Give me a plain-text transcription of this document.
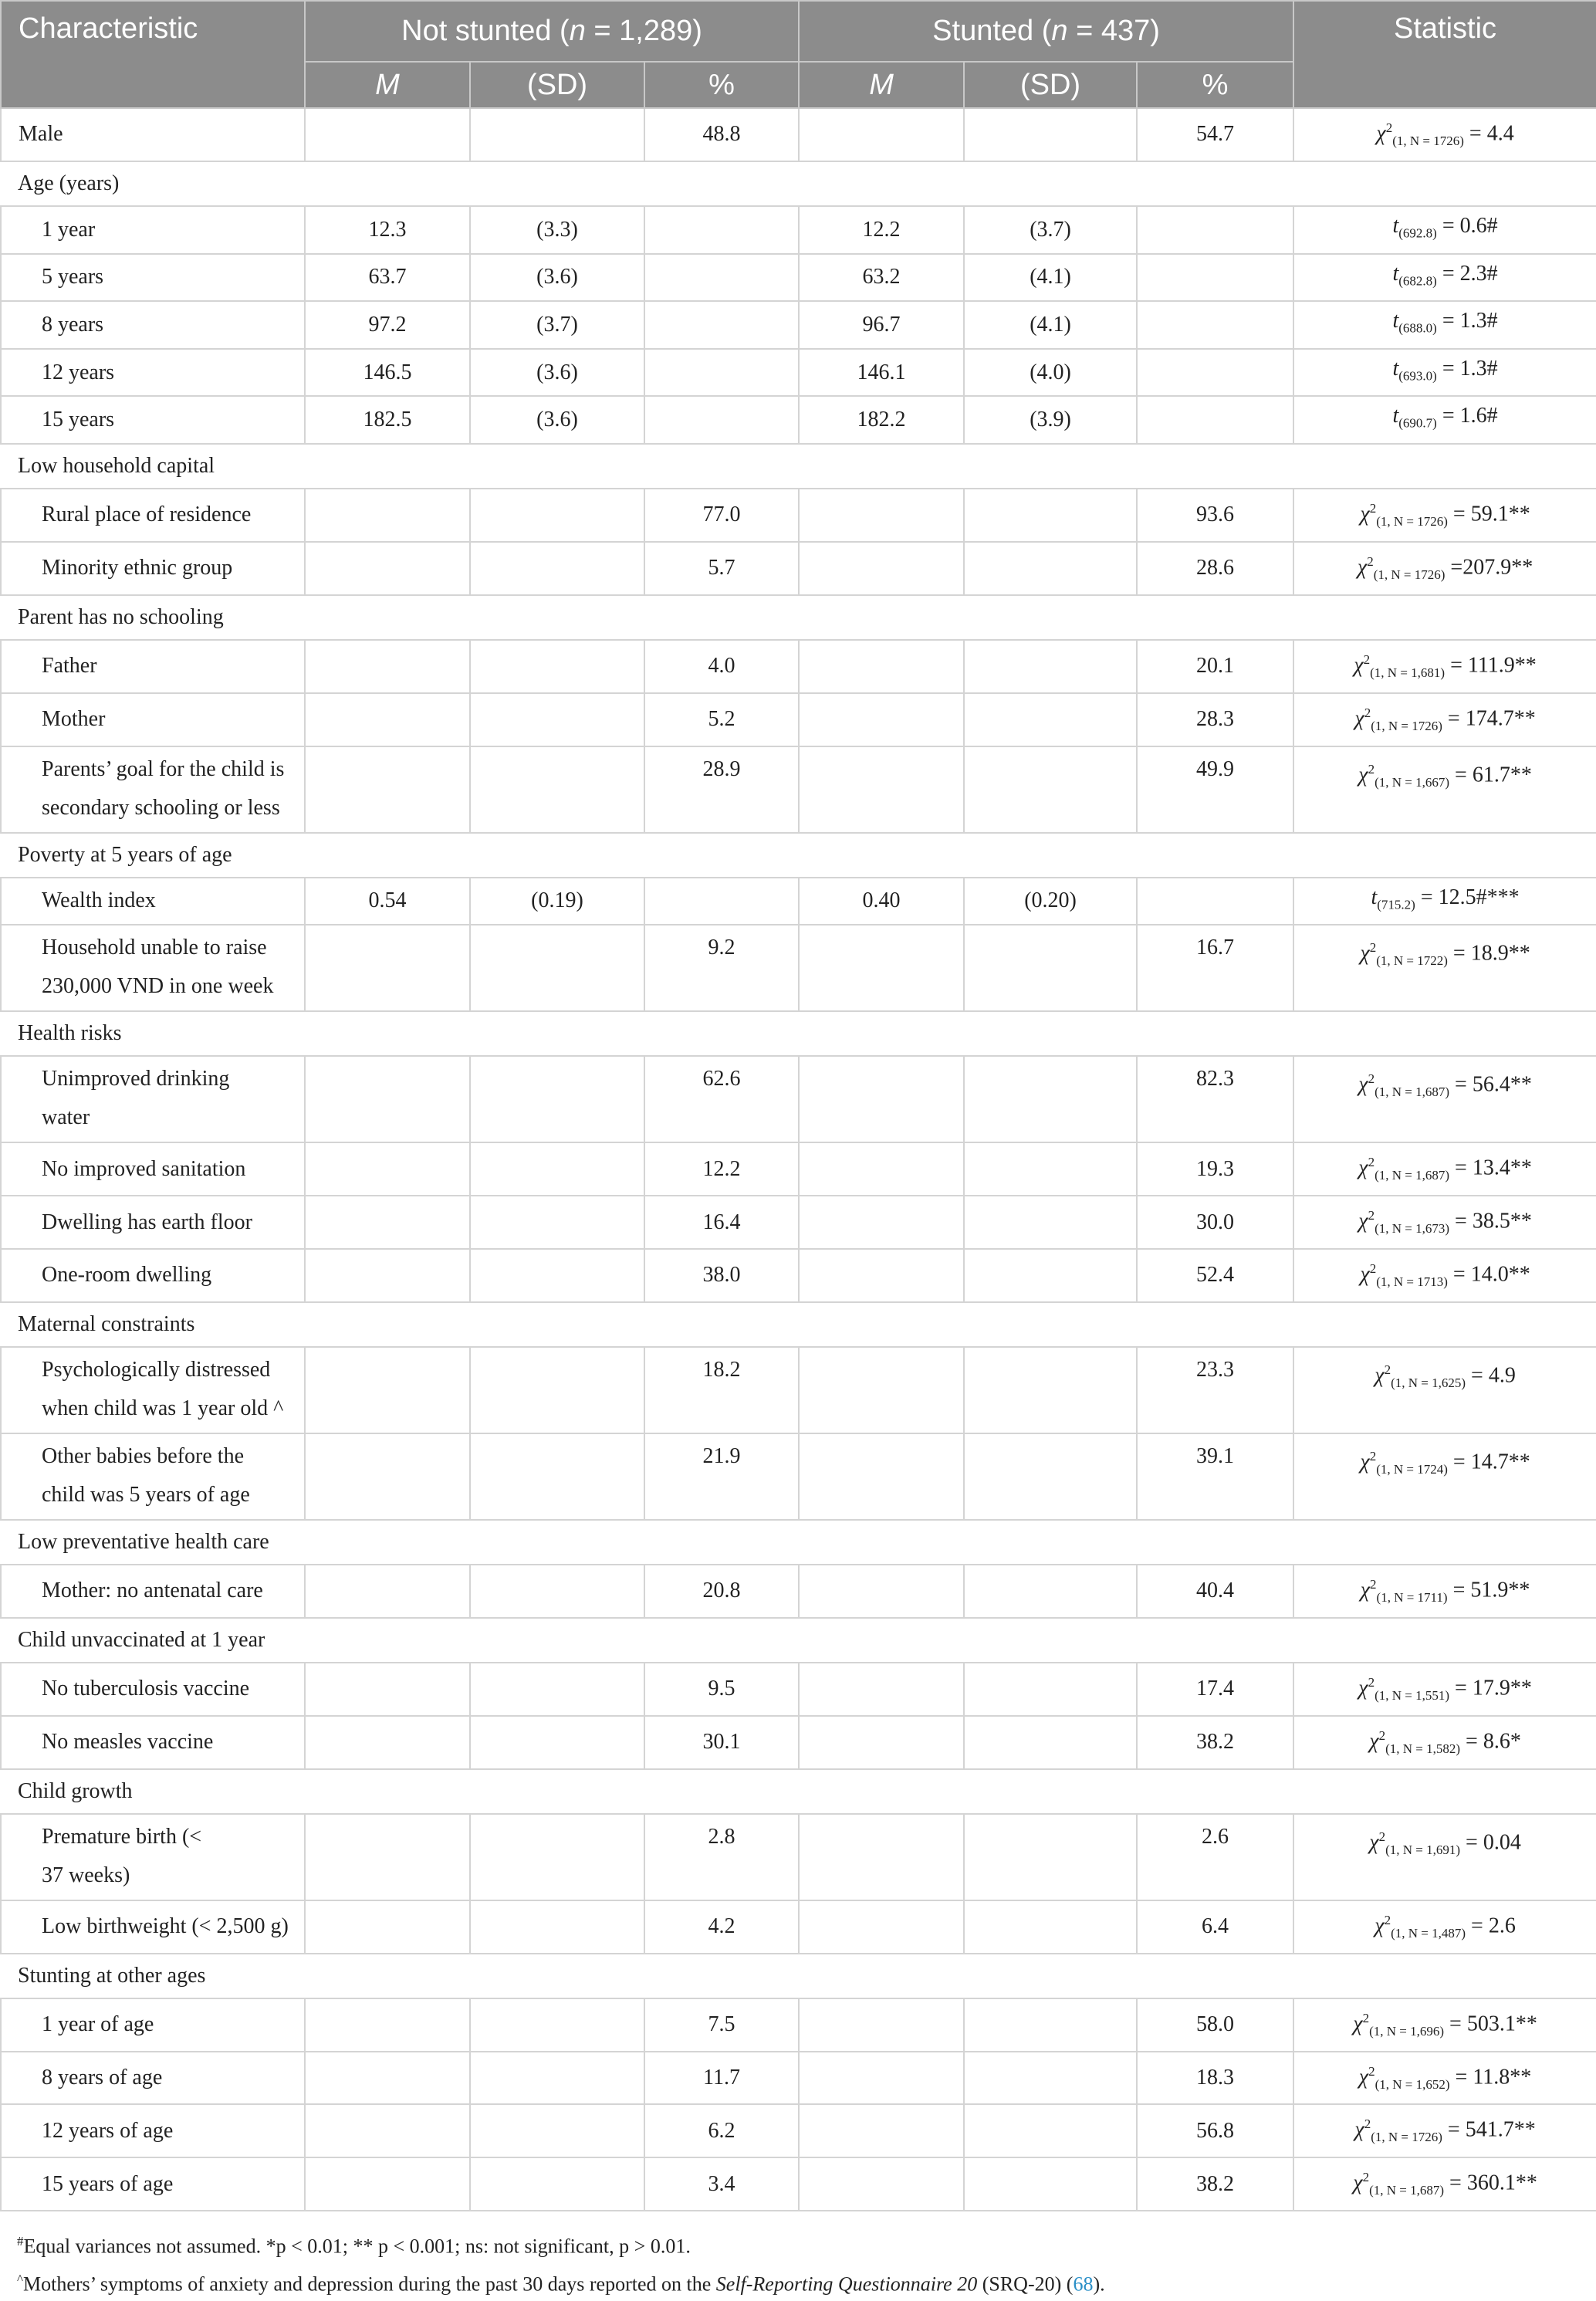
Characteristic	Not stunted (n = 1,289)			Stunted (n = 437)			Statistic
	M	(SD)	%	M	(SD)	%	
Male			48.8			54.7	$\chi^2_{(1, N = 1726)} = 4.4$
Age (years)							
1 year	12.3	(3.3)		12.2	(3.7)		$t_{(692.8)}$ = 0.6#
5 years	63.7	(3.6)		63.2	(4.1)		$t_{(682.8)}$ = 2.3#
8 years	97.2	(3.7)		96.7	(4.1)		$t_{(688.0)}$ = 1.3#
12 years	146.5	(3.6)		146.1	(4.0)		$t_{(693.0)}$ = 1.3#
15 years	182.5	(3.6)		182.2	(3.9)		$t_{(690.7)}$ = 1.6#
Low household capital							
Rural place of residence			77.0			93.6	$\chi^2_{(1, N = 1726)} = 59.1**$
Minority ethnic group			5.7			28.6	$\chi^2_{(1, N = 1726)} =207.9**$
Parent has no schooling							
Father			4.0			20.1	$\chi^2_{(1, N = 1,681)} = 111.9**$
Mother			5.2			28.3	$\chi^2_{(1, N = 1726)} = 174.7**$
Parents’ goal for the child is
secondary schooling or less			28.9			49.9	$\chi^2_{(1, N = 1,667)} = 61.7**$
Poverty at 5 years of age							
Wealth index	0.54	(0.19)		0.40	(0.20)		$t_{(715.2)}$ = 12.5#***
Household unable to raise
230,000 VND in one week			9.2			16.7	$\chi^2_{(1, N = 1722)} = 18.9**$
Health risks							
Unimproved drinking
water			62.6			82.3	$\chi^2_{(1, N = 1,687)} = 56.4**$
No improved sanitation			12.2			19.3	$\chi^2_{(1, N = 1,687)} = 13.4**$
Dwelling has earth floor			16.4			30.0	$\chi^2_{(1, N = 1,673)} = 38.5**$
One-room dwelling			38.0			52.4	$\chi^2_{(1, N = 1713)} = 14.0**$
Maternal constraints							
Psychologically distressed
when child was 1 year old ^			18.2			23.3	$\chi^2_{(1, N = 1,625)} = 4.9$
Other babies before the
child was 5 years of age			21.9			39.1	$\chi^2_{(1, N = 1724)} = 14.7**$
Low preventative health care							
Mother: no antenatal care			20.8			40.4	$\chi^2_{(1, N = 1711)} = 51.9**$
Child unvaccinated at 1 year							
No tuberculosis vaccine			9.5			17.4	$\chi^2_{(1, N = 1,551)} = 17.9**$
No measles vaccine			30.1			38.2	$\chi^2_{(1, N = 1,582)} = 8.6*$
Child growth							
Premature birth (<
37 weeks)			2.8			2.6	$\chi^2_{(1, N = 1,691)} = 0.04$
Low birthweight (< 2,500 g)			4.2			6.4	$\chi^2_{(1, N = 1,487)} = 2.6$
Stunting at other ages							
1 year of age			7.5			58.0	$\chi^2_{(1, N = 1,696)} = 503.1**$
8 years of age			11.7			18.3	$\chi^2_{(1, N = 1,652)} = 11.8**$
12 years of age			6.2			56.8	$\chi^2_{(1, N = 1726)} = 541.7**$
15 years of age			3.4			38.2	$\chi^2_{(1, N = 1,687)} = 360.1**$

#Equal variances not assumed. *p < 0.01; ** p < 0.001; ns: not significant, p > 0.01.

^Mothers’ symptoms of anxiety and depression during the past 30 days reported on the Self-Reporting Questionnaire 20 (SRQ-20) (68).
